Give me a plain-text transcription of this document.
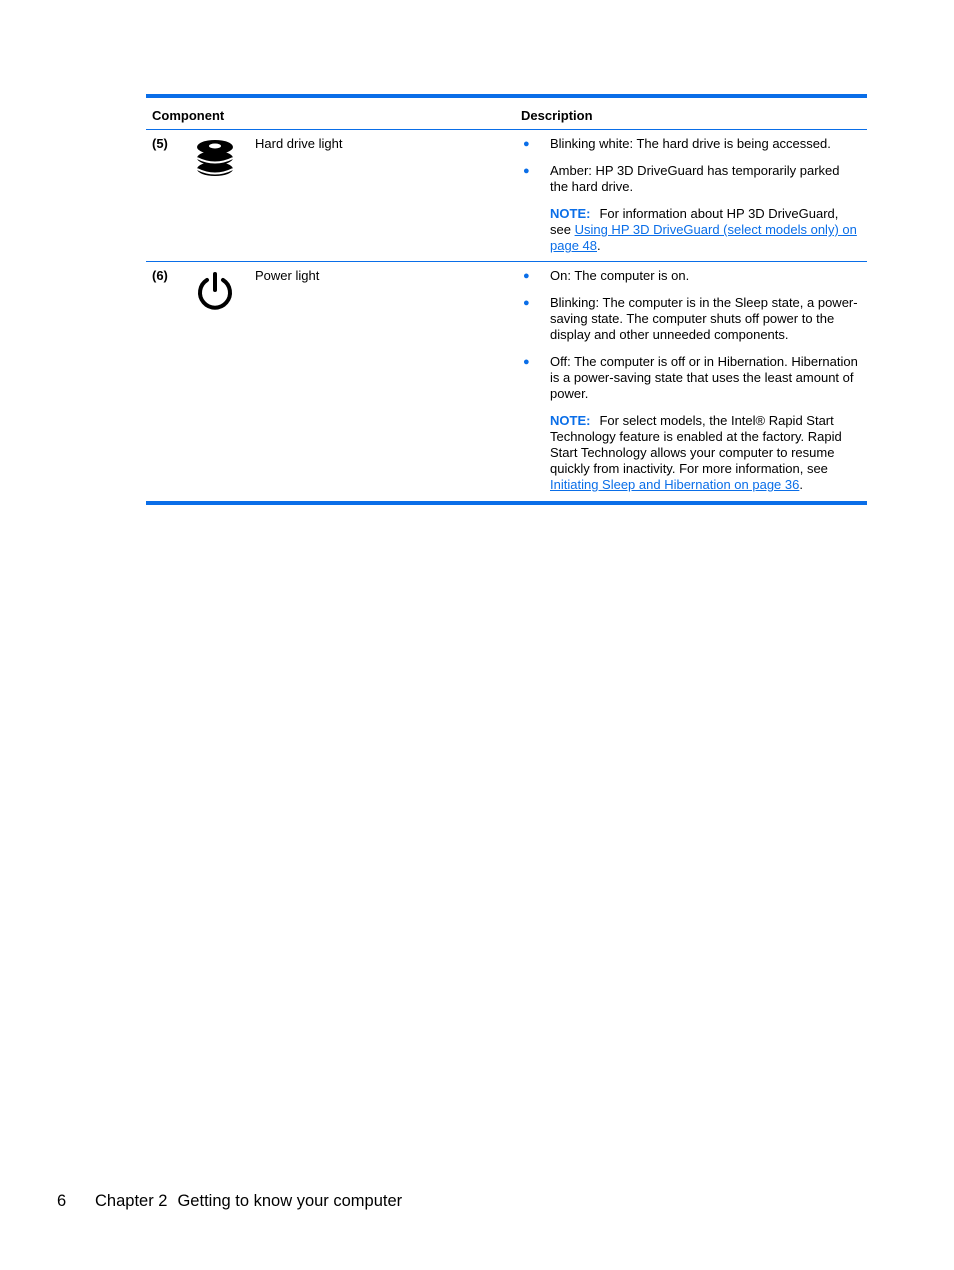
Component	Description
(5)	Hard drive light	● Blinking white: The hard drive is being accessed.
● Amber: HP 3D DriveGuard has temporarily parked the hard drive.
NOTE: For information about HP 3D DriveGuard, see Using HP 3D DriveGuard (select models only) on page 48.
(6)	Power light	● On: The computer is on.
● Blinking: The computer is in the Sleep state, a power-saving state. The computer shuts off power to the display and other unneeded components.
● Off: The computer is off or in Hibernation. Hibernation is a power-saving state that uses the least amount of power.
NOTE: For select models, the Intel® Rapid Start Technology feature is enabled at the factory. Rapid Start Technology allows your computer to resume quickly from inactivity. For more information, see Initiating Sleep and Hibernation on page 36.
6 Chapter 2 Getting to know your computer
